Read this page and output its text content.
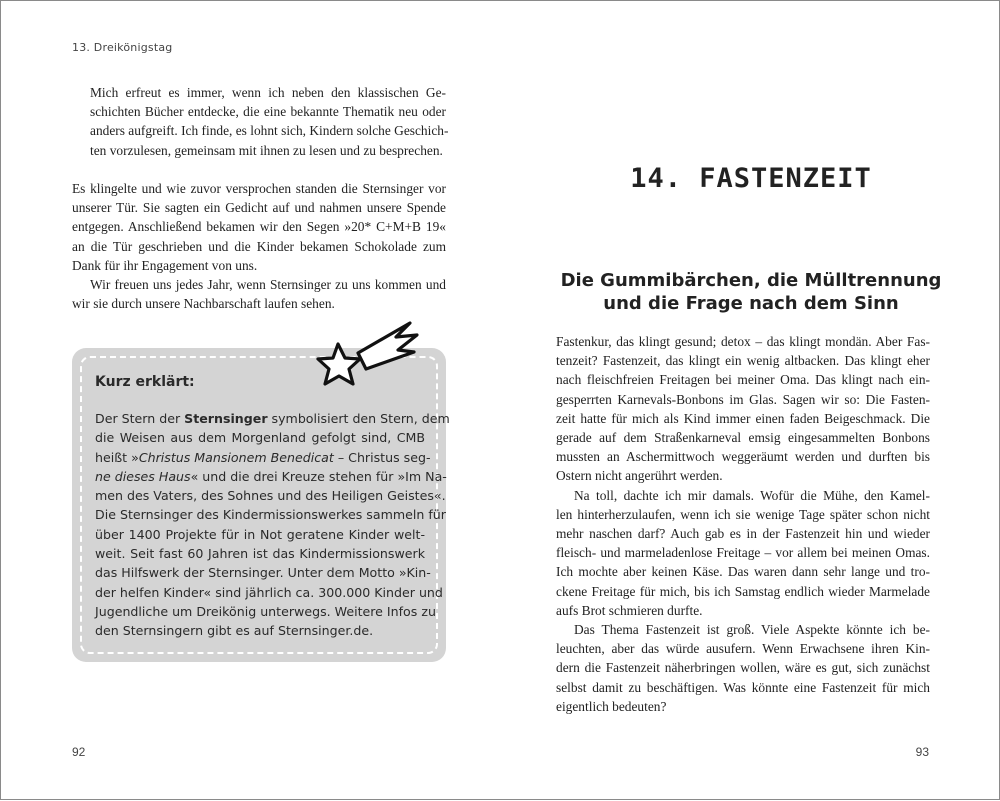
13. Dreikönigstag

Mich erfreut es immer, wenn ich neben den klassischen Ge-
schichten Bücher entdecke, die eine bekannte Thematik neu oder
anders aufgreift. Ich finde, es lohnt sich, Kindern solche Geschich-
ten vorzulesen, gemeinsam mit ihnen zu lesen und zu besprechen.

Es klingelte und wie zuvor versprochen standen die Sternsinger vor
unserer Tür. Sie sagten ein Gedicht auf und nahmen unsere Spende
entgegen. Anschließend bekamen wir den Segen »20* C+M+B 19«
an die Tür geschrieben und die Kinder bekamen Schokolade zum
Dank für ihr Engagement von uns.

Wir freuen uns jedes Jahr, wenn Sternsinger zu uns kommen und
wir sie durch unsere Nachbarschaft laufen sehen.

Kurz erklärt:

Der Stern der Sternsinger symbolisiert den Stern, dem
die Weisen aus dem Morgenland gefolgt sind, CMB
heißt »Christus Mansionem Benedicat – Christus seg-
ne dieses Haus« und die drei Kreuze stehen für »Im Na-
men des Vaters, des Sohnes und des Heiligen Geistes«.
Die Sternsinger des Kindermissionswerkes sammeln für
über 1400 Projekte für in Not geratene Kinder welt-
weit. Seit fast 60 Jahren ist das Kindermissionswerk
das Hilfswerk der Sternsinger. Unter dem Motto »Kin-
der helfen Kinder« sind jährlich ca. 300.000 Kinder und
Jugendliche um Dreikönig unterwegs. Weitere Infos zu
den Sternsingern gibt es auf Sternsinger.de.

92
14. FASTENZEIT
Die Gummibärchen, die Mülltrennung
und die Frage nach dem Sinn

Fastenkur, das klingt gesund; detox – das klingt mondän. Aber Fas-
tenzeit? Fastenzeit, das klingt ein wenig altbacken. Das klingt eher
nach fleischfreien Freitagen bei meiner Oma. Das klingt nach ein-
gesperrten Karnevals-Bonbons im Glas. Sagen wir so: Die Fasten-
zeit hatte für mich als Kind immer einen faden Beigeschmack. Die
gerade auf dem Straßenkarneval emsig eingesammelten Bonbons
mussten an Aschermittwoch weggeräumt werden und durften bis
Ostern nicht angerührt werden.

Na toll, dachte ich mir damals. Wofür die Mühe, den Kamel-
len hinterherzulaufen, wenn ich sie wenige Tage später schon nicht
mehr naschen darf? Auch gab es in der Fastenzeit hin und wieder
fleisch- und marmeladenlose Freitage – vor allem bei meinen Omas.
Ich mochte aber keinen Käse. Das waren dann sehr lange und tro-
ckene Freitage für mich, bis ich Samstag endlich wieder Marmelade
aufs Brot schmieren durfte.

Das Thema Fastenzeit ist groß. Viele Aspekte könnte ich be-
leuchten, aber das würde ausufern. Wenn Erwachsene ihren Kin-
dern die Fastenzeit näherbringen wollen, wäre es gut, sich zunächst
selbst damit zu beschäftigen. Was könnte eine Fastenzeit für mich
eigentlich bedeuten?

93
